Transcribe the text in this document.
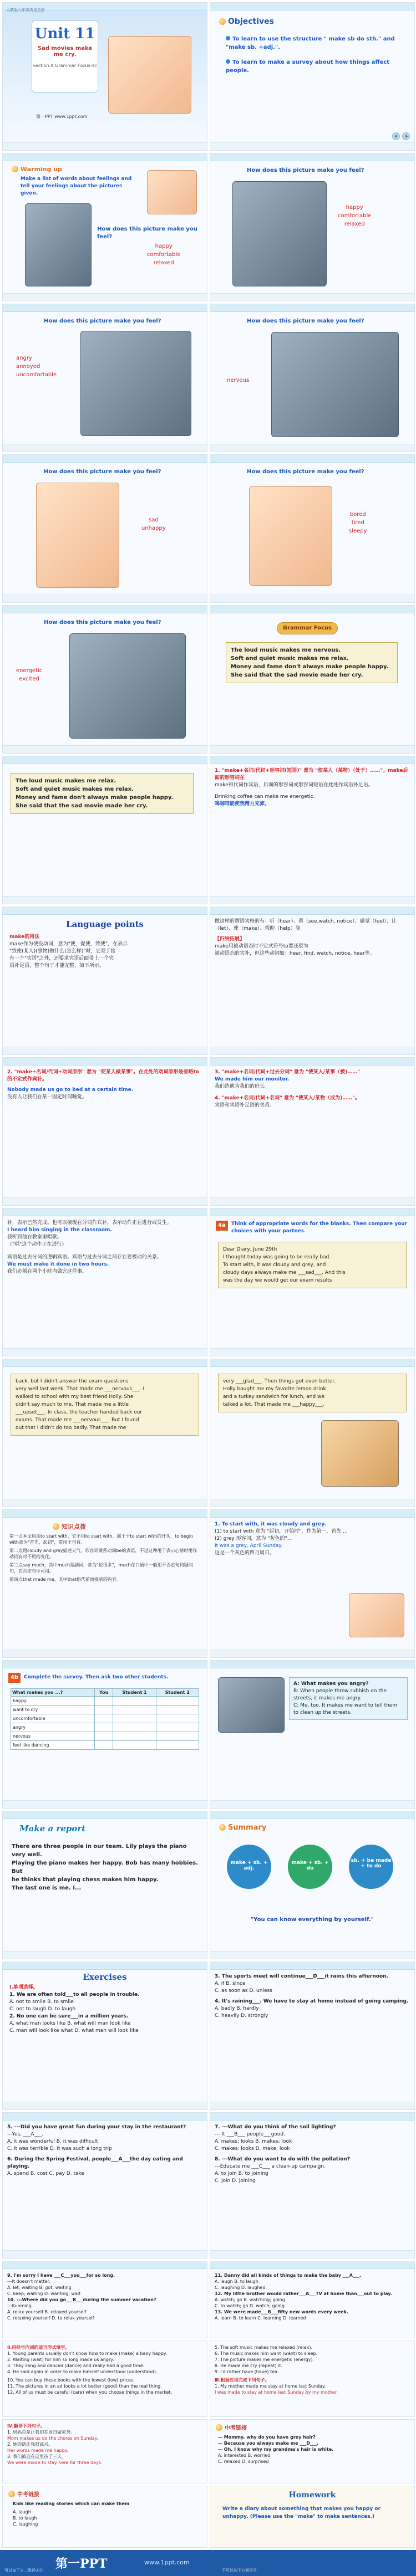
人教版九年级英语全册
Unit 11
Sad movies make me cry.
Section A Grammar Focus-4c
第一PPT www.1ppt.com
Objectives
To learn to use the structure " make sb do sth." and "make sb. +adj.".
To learn to make a survey about how things affect people.
Warming up
Make a list of words about feelings and tell your feelings about the pictures given.
How does this picture make you feel?
happy
comfortable
relaxed
How does this picture make you feel?
happy
comfortable
relaxed
How does this picture make you feel?
angry
annoyed
uncomfortable
How does this picture make you feel?
nervous
How does this picture make you feel?
sad
unhappy
How does this picture make you feel?
bored
tired
sleepy
How does this picture make you feel?
energetic
excited
Grammar Focus
The loud music makes me nervous.
Soft and quiet music makes me relax.
Money and fame don't always make people happy.
She said that the sad movie made her cry.
The loud music makes me relax.
Soft and quiet music makes me relax.
Money and fame don't always make people happy.
She said that the sad movie made her cry.
1. "make+名词/代词+形容词(短语)" 意为 "使某人（某物）（处于）……"。make后面的形容词在
make和代词作宾语，后面的形容词或形容词短语在此处作宾语补足语。
Drinking coffee can make me energetic.
喝咖啡能使我精力充沛。
Language points
make的用法
make作为使役动词，意为"使，促使，致使"，在表示
"致使(某人)(事物)做什么(怎么样)"时，它须于接
有一个"宾语"之外，还要求宾语后面带上一个宾
语补足语，整个句子才能完整，如下所示。
做这样的谓语宾格的有：听（hear）、看（see,watch, notice）、感觉（feel）、让（let）、使（make）、帮助（help）等。
【归纳拓展】
make用被动语态时不定式符号to要还原为
被动语态的宾补，但这些动词如：hear, find, watch, notice, hear等。
2. "make+名词/代词+动词原形" 意为 "使某人做某事"。在此处的动词原形是省略to的不定式作宾补。
Nobody made us go to bed at a certain time.
没有人让我们在某一固定时间睡觉。
3. "make+名词/代词+过去分词" 意为 "使某人/某事（被)……"
We made him our monitor.
我们选他为我们的班长。
4. "make+名词/代词+名词" 意为 "使某人/某物（成为)……"。
宾语和宾语补足语的关系。
补，表示已然完成。也可以接现在分词作宾补，表示动作正在进行或发生。
I heard him singing in the classroom.
我听到他在教室里唱歌。
（"唱"这个动作正在进行）
宾语是过去分词的逻辑宾语。宾语与过去分词之间存在着被动的关系。
We must make it done in two hours.
我们必须在两个小时内做完这件事。
4a	Think of appropriate words for the blanks. Then compare your choices with your partner.
Dear Diary, June 29th
I thought today was going to be really bad.
To start with, it was cloudy and grey, and
cloudy days always make me ___sad___. And this
was the day we would get our exam results
back, but I didn't answer the exam questions
very well last week. That made me ___nervous___. I
walked to school with my best friend Holly. She
didn't say much to me. That made me a little
___upset___. In class, the teacher handed back our
exams. That made me ___nervous___. But I found
out that I didn't do too badly. That made me
very ___glad___. Then things got even better.
Holly bought me my favorite lemon drink
and a turkey sandwich for lunch, and we
talked a lot. That made me ___happy___.
知识点拨
第一点本文用法to start with，它不用to start with，属于于to start with的开头，to begin with意为"首先，起初"，常用于句首。
第二点用cloudy and grey描述天气，形容词做系动词be的表语，不过这种用于表示心情时用作动词有时不用的变化。
第三点say much，其中much是副词，意为"说很多"，much在口语中一般用于否定句和疑问句，在否定句中可用。
第四点that made me，其中that指代前面提到的内容。
1. To start with, it was cloudy and grey.
(1) to start with 意为 "起初，开始时"，作为第一，首先 ...
(2) grey 形容词，意为 "灰色的"...
It was a grey, April Sunday.
这是一个灰色的四月周日。
4b	Complete the survey. Then ask two other students.
What makes you ...?	You	Student 1	Student 2
happy			
want to cry			
uncomfortable			
angry			
nervous			
feel like dancing			
A: What makes you angry?
B: When people throw rubbish on the streets, it makes me angry.
C: Me, too. It makes me want to tell them to clean up the streets.
Make a report
There are three people in our team. Lily plays the piano very well.
Playing the piano makes her happy. Bob has many hobbies. But
he thinks that playing chess makes him happy.
The last one is me. I...
Summary
make + sb. + adj.
make + sb. + do
sb. + be made + to do
"You can know everything by yourself."
Exercises
Ⅰ.单项选择。
1. We are often told___to all people in trouble.
A. not to smile B. to smile
C. not to laugh D. to laugh
2. No one can be sure___in a million years.
A. what man looks like B. what will man look like
C. man will look like what D. what man will look like
3. The sports meet will continue___D___it rains this afternoon.
A. if B. since
C. as soon as D. unless
4. It's raining___. We have to stay at home instead of going camping.
A. badly B. hardly
C. heavily D. strongly
5. ---Did you have great fun during your stay in the restaurant?
---Yes, ___A___.
A. it was wonderful B. it was difficult
C. it was terrible D. it was such a long trip
6. During the Spring Festival, people___A___the day eating and playing.
A. spend B. cost C. pay D. take
7. ---What do you think of the soil lighting?
--- It ___B___ people___good.
A. makes; looks B. makes; look
C. makes; looks D. make; look
8. ---What do you want to do with the pollution?
---Educate me ___C___ a clean-up campaign.
A. to join B. to joining
C. join D. joining
9. I'm sorry I have ___C___you___for so long.
---It doesn't matter.
A. let; waiting B. got; waiting
C. keep; waiting D. wanting; wait
10. ---Where did you go___B___during the summer vacation?
---Kunming.
A. relax yourself B. relaxed yourself
C. relaxing yourself D. to relax yourself
11. Danny did all kinds of things to make the baby ___A___.
A. laugh B. to laugh
C. laughing D. laughed
12. My little brother would rather___A___TV at home than___out to play.
A. watch; go B. watching; going
C. to watch; go D. watch; going
13. We were made___B___fifty new words every week.
A. learn B. to learn C. learning D. learned
Ⅱ.用括号内词的适当形式填空。
1. Young parents usually don't know how to make (make) a baby happy.
2. Waiting (wait) for him so long made us angry.
3. They sang and danced (dance) and really had a good time.
4. He said again in order to make himself understood (understand).
10. You can buy these books with the lowest (low) prices.
11. The pictures in an ad looks a lot better (good) than the real thing.
12. All of us must be careful (care) when you choose things in the market.
5. The soft music makes me relaxed (relax).
6. The music makes him want (want) to sleep.
7. The picture makes me energetic (energy).
8. He made me cry (repeat) it.
9. I'd rather have (have) tea.
Ⅲ.根据汉语完成下列句子。
1. My mother made me stay at home last Sunday.
I was made to stay at home last Sunday by my mother.
Ⅳ.翻译下列句子。
1. 妈妈总是让我们在周日做家务。
Mom makes us do the chores on Sunday.
2. 她的话让我很高兴。
Her words made me happy.
3. 我们被迫在这里待了三天。
We were made to stay here for three days.
中考链接
— Mommy, why do you have grey hair?
— Because you always make me ___D___.
— Oh, I know why my grandma's hair is white.
A. interested B. worried
C. relaxed D. surprised
中考链接
Kids like reading stories which can make them
A. laugh
B. to laugh
C. laughing
Homework
Write a diary about something that makes you happy or unhappy. (Please use the "make" to make sentences.)
第一PPT	www.1ppt.com
可以加下方二维码关注	不可以加下方微信号
